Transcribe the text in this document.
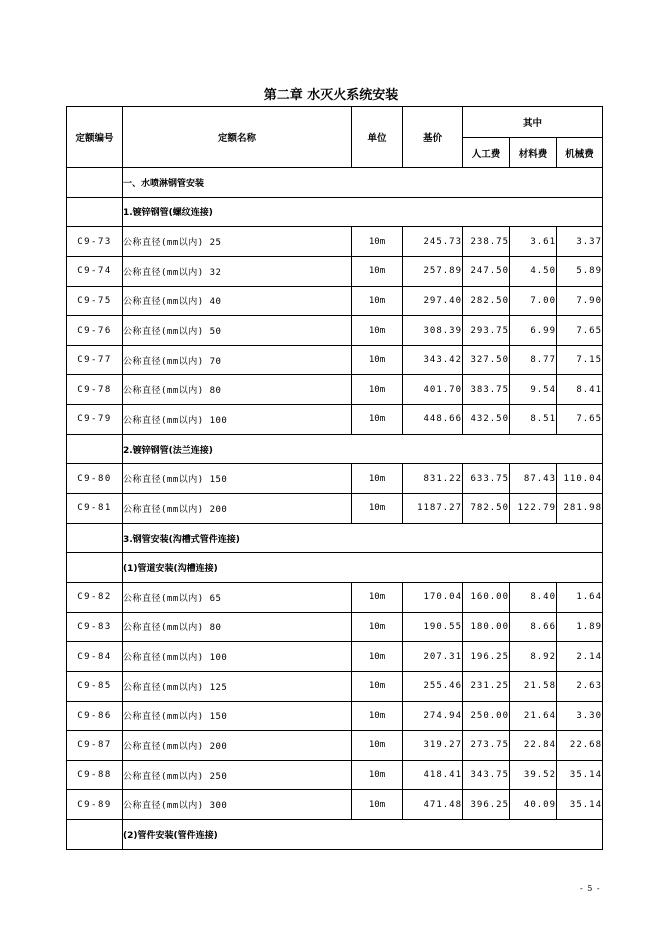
第二章 水灭火系统安装
定额编号	定额名称	单位	基价	其中		
				人工费	材料费	机械费
	一、水喷淋钢管安装					
	1.镀锌钢管(螺纹连接)					
C9-73	公称直径(mm以内) 25	10m	245.73	238.75	3.61	3.37
C9-74	公称直径(mm以内) 32	10m	257.89	247.50	4.50	5.89
C9-75	公称直径(mm以内) 40	10m	297.40	282.50	7.00	7.90
C9-76	公称直径(mm以内) 50	10m	308.39	293.75	6.99	7.65
C9-77	公称直径(mm以内) 70	10m	343.42	327.50	8.77	7.15
C9-78	公称直径(mm以内) 80	10m	401.70	383.75	9.54	8.41
C9-79	公称直径(mm以内) 100	10m	448.66	432.50	8.51	7.65
	2.镀锌钢管(法兰连接)					
C9-80	公称直径(mm以内) 150	10m	831.22	633.75	87.43	110.04
C9-81	公称直径(mm以内) 200	10m	1187.27	782.50	122.79	281.98
	3.钢管安装(沟槽式管件连接)					
	(1)管道安装(沟槽连接)					
C9-82	公称直径(mm以内) 65	10m	170.04	160.00	8.40	1.64
C9-83	公称直径(mm以内) 80	10m	190.55	180.00	8.66	1.89
C9-84	公称直径(mm以内) 100	10m	207.31	196.25	8.92	2.14
C9-85	公称直径(mm以内) 125	10m	255.46	231.25	21.58	2.63
C9-86	公称直径(mm以内) 150	10m	274.94	250.00	21.64	3.30
C9-87	公称直径(mm以内) 200	10m	319.27	273.75	22.84	22.68
C9-88	公称直径(mm以内) 250	10m	418.41	343.75	39.52	35.14
C9-89	公称直径(mm以内) 300	10m	471.48	396.25	40.09	35.14
	(2)管件安装(管件连接)					
- 5 -
